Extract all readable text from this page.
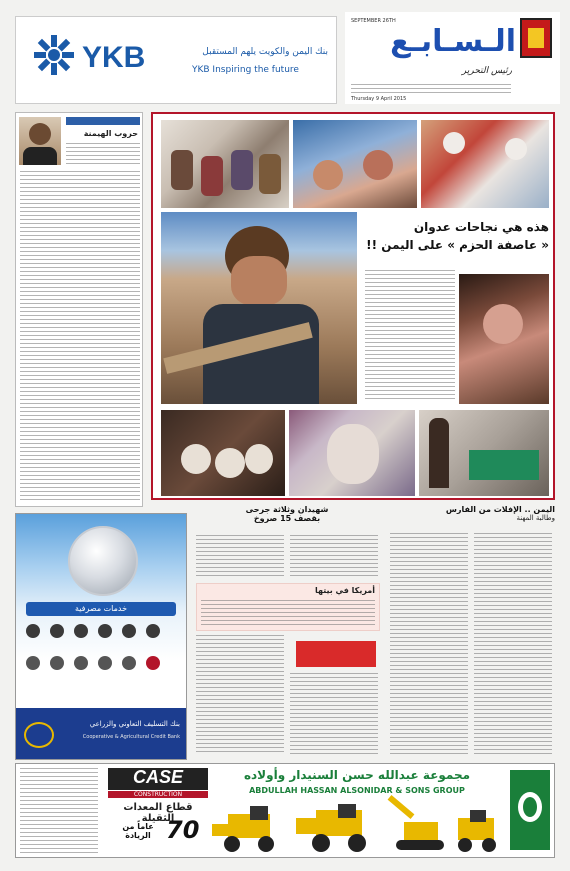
الـسـابـع
SEPTEMBER 26TH
رئيس التحرير
Thursday 9 April 2015
YKB	بنك اليمن والكويت يلهم المستقبل
YKB Inspiring the future
حروب الهيمنة
هذه هي نجاحات عدوان
« عاصفة الحزم » على اليمن !!
خدمات مصرفية
بنك التسليف التعاوني والزراعي
Cooperative & Agricultural Credit Bank
شهيدان وثلاثة جرحى
بقصف 15 صروخ
أمريكا في بيتها
اليمن .. الإفلات من الفارس
وطالبة المهنة
CASE
CONSTRUCTION
قطاع المعدات الثقيلة
70
عاماً من الريادة
مجموعة عبدالله حسن السنيدار وأولاده
ABDULLAH HASSAN ALSONIDAR & SONS GROUP
